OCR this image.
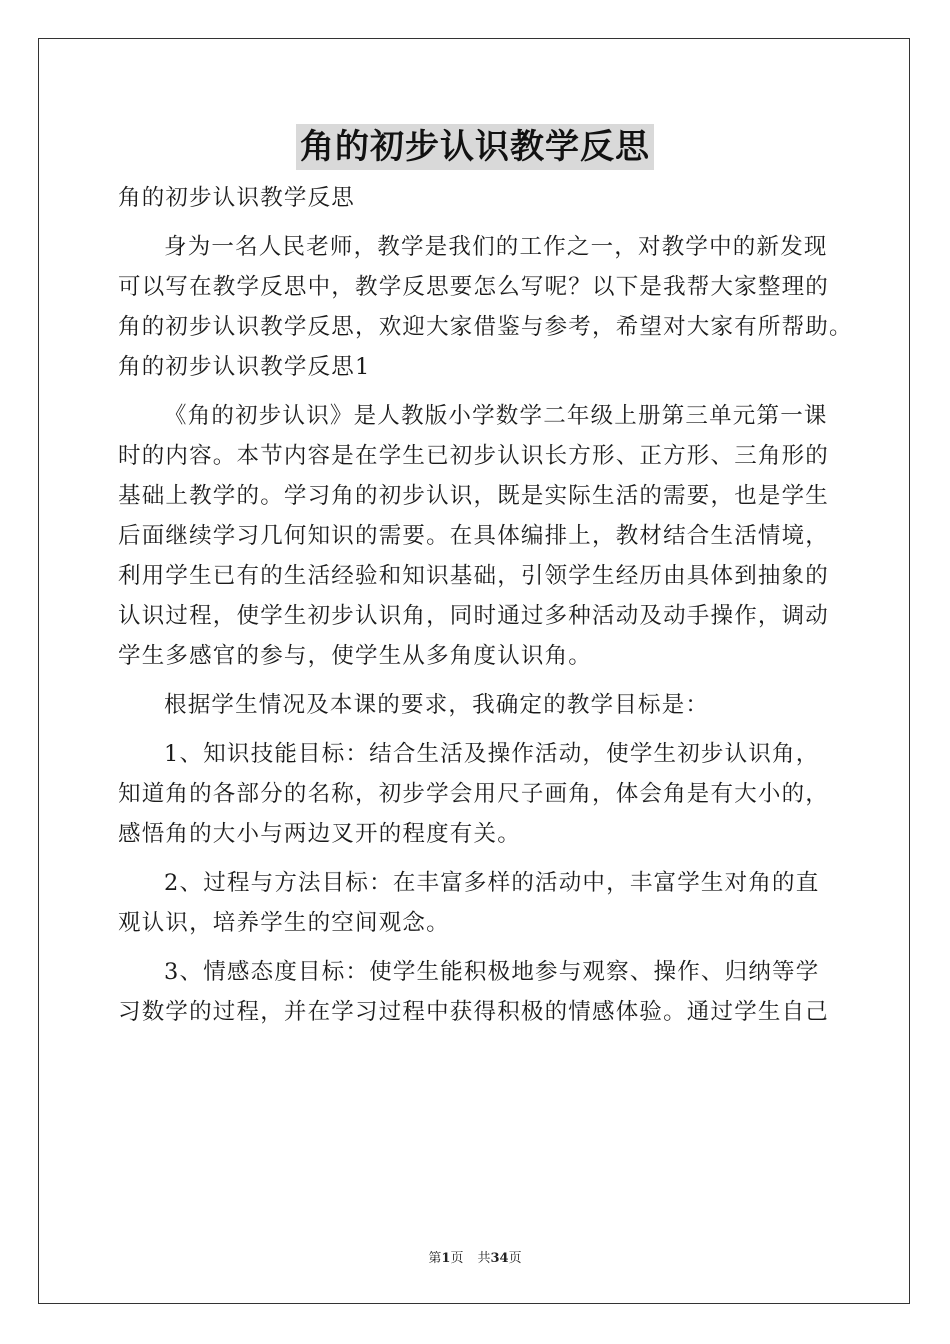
角的初步认识教学反思

角的初步认识教学反思

身为一名人民老师，教学是我们的工作之一，对教学中的新发现

可以写在教学反思中，教学反思要怎么写呢？以下是我帮大家整理的

角的初步认识教学反思，欢迎大家借鉴与参考，希望对大家有所帮助。

角的初步认识教学反思1

《角的初步认识》是人教版小学数学二年级上册第三单元第一课

时的内容。本节内容是在学生已初步认识长方形、正方形、三角形的

基础上教学的。学习角的初步认识，既是实际生活的需要，也是学生

后面继续学习几何知识的需要。在具体编排上，教材结合生活情境，

利用学生已有的生活经验和知识基础，引领学生经历由具体到抽象的

认识过程，使学生初步认识角，同时通过多种活动及动手操作，调动

学生多感官的参与，使学生从多角度认识角。

根据学生情况及本课的要求，我确定的教学目标是：

1、知识技能目标：结合生活及操作活动，使学生初步认识角，

知道角的各部分的名称，初步学会用尺子画角，体会角是有大小的，

感悟角的大小与两边叉开的程度有关。

2、过程与方法目标：在丰富多样的活动中，丰富学生对角的直

观认识，培养学生的空间观念。

3、情感态度目标：使学生能积极地参与观察、操作、归纳等学

习数学的过程，并在学习过程中获得积极的情感体验。通过学生自己

第1页 共34页
